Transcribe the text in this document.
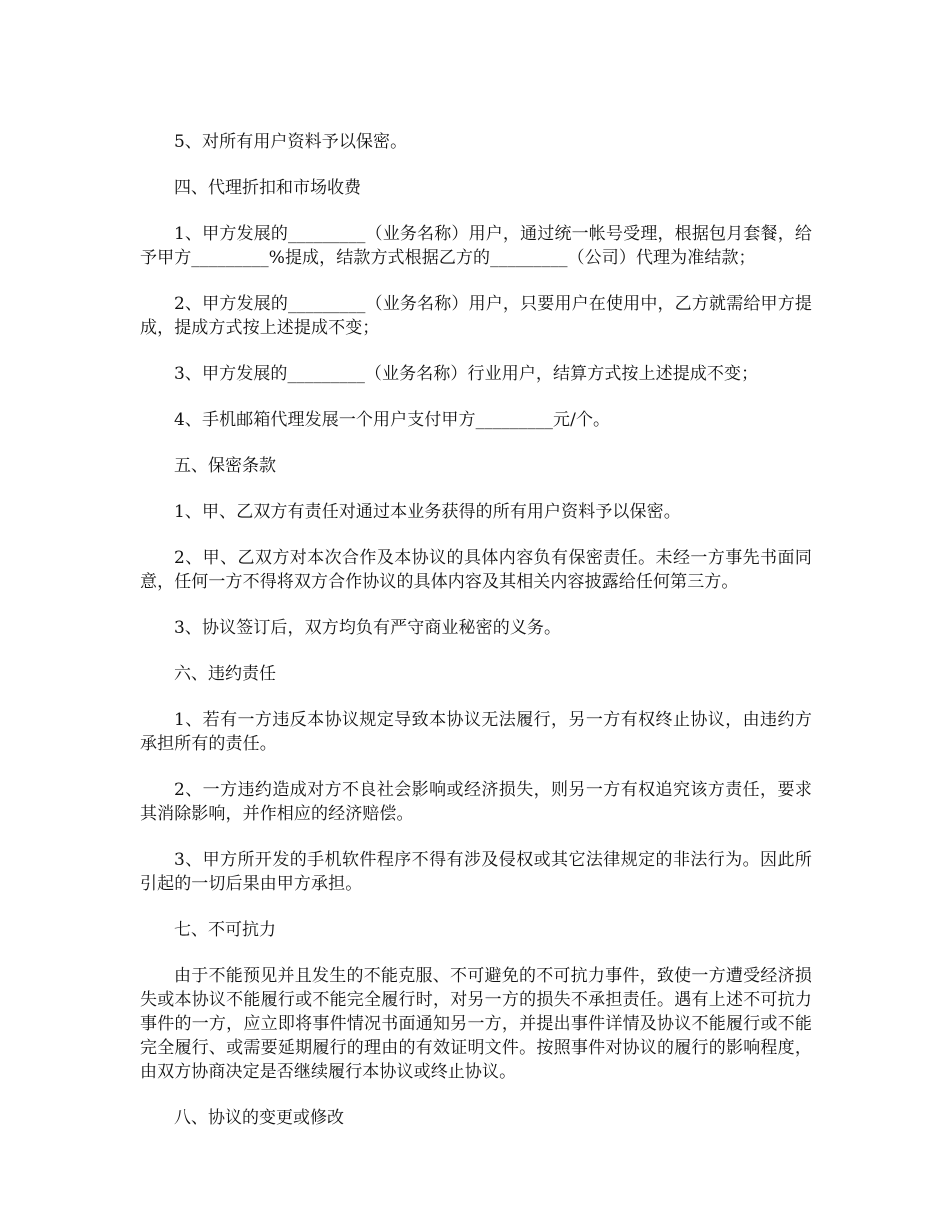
5、对所有用户资料予以保密。

四、代理折扣和市场收费

1、甲方发展的_________（业务名称）用户，通过统一帐号受理，根据包月套餐，给予甲方_________%提成，结款方式根据乙方的_________（公司）代理为准结款；

2、甲方发展的_________（业务名称）用户，只要用户在使用中，乙方就需给甲方提成，提成方式按上述提成不变；

3、甲方发展的_________（业务名称）行业用户，结算方式按上述提成不变；

4、手机邮箱代理发展一个用户支付甲方_________元/个。

五、保密条款

1、甲、乙双方有责任对通过本业务获得的所有用户资料予以保密。

2、甲、乙双方对本次合作及本协议的具体内容负有保密责任。未经一方事先书面同意，任何一方不得将双方合作协议的具体内容及其相关内容披露给任何第三方。

3、协议签订后，双方均负有严守商业秘密的义务。

六、违约责任

1、若有一方违反本协议规定导致本协议无法履行，另一方有权终止协议，由违约方承担所有的责任。

2、一方违约造成对方不良社会影响或经济损失，则另一方有权追究该方责任，要求其消除影响，并作相应的经济赔偿。

3、甲方所开发的手机软件程序不得有涉及侵权或其它法律规定的非法行为。因此所引起的一切后果由甲方承担。

七、不可抗力

由于不能预见并且发生的不能克服、不可避免的不可抗力事件，致使一方遭受经济损失或本协议不能履行或不能完全履行时，对另一方的损失不承担责任。遇有上述不可抗力事件的一方，应立即将事件情况书面通知另一方，并提出事件详情及协议不能履行或不能完全履行、或需要延期履行的理由的有效证明文件。按照事件对协议的履行的影响程度，由双方协商决定是否继续履行本协议或终止协议。

八、协议的变更或修改
